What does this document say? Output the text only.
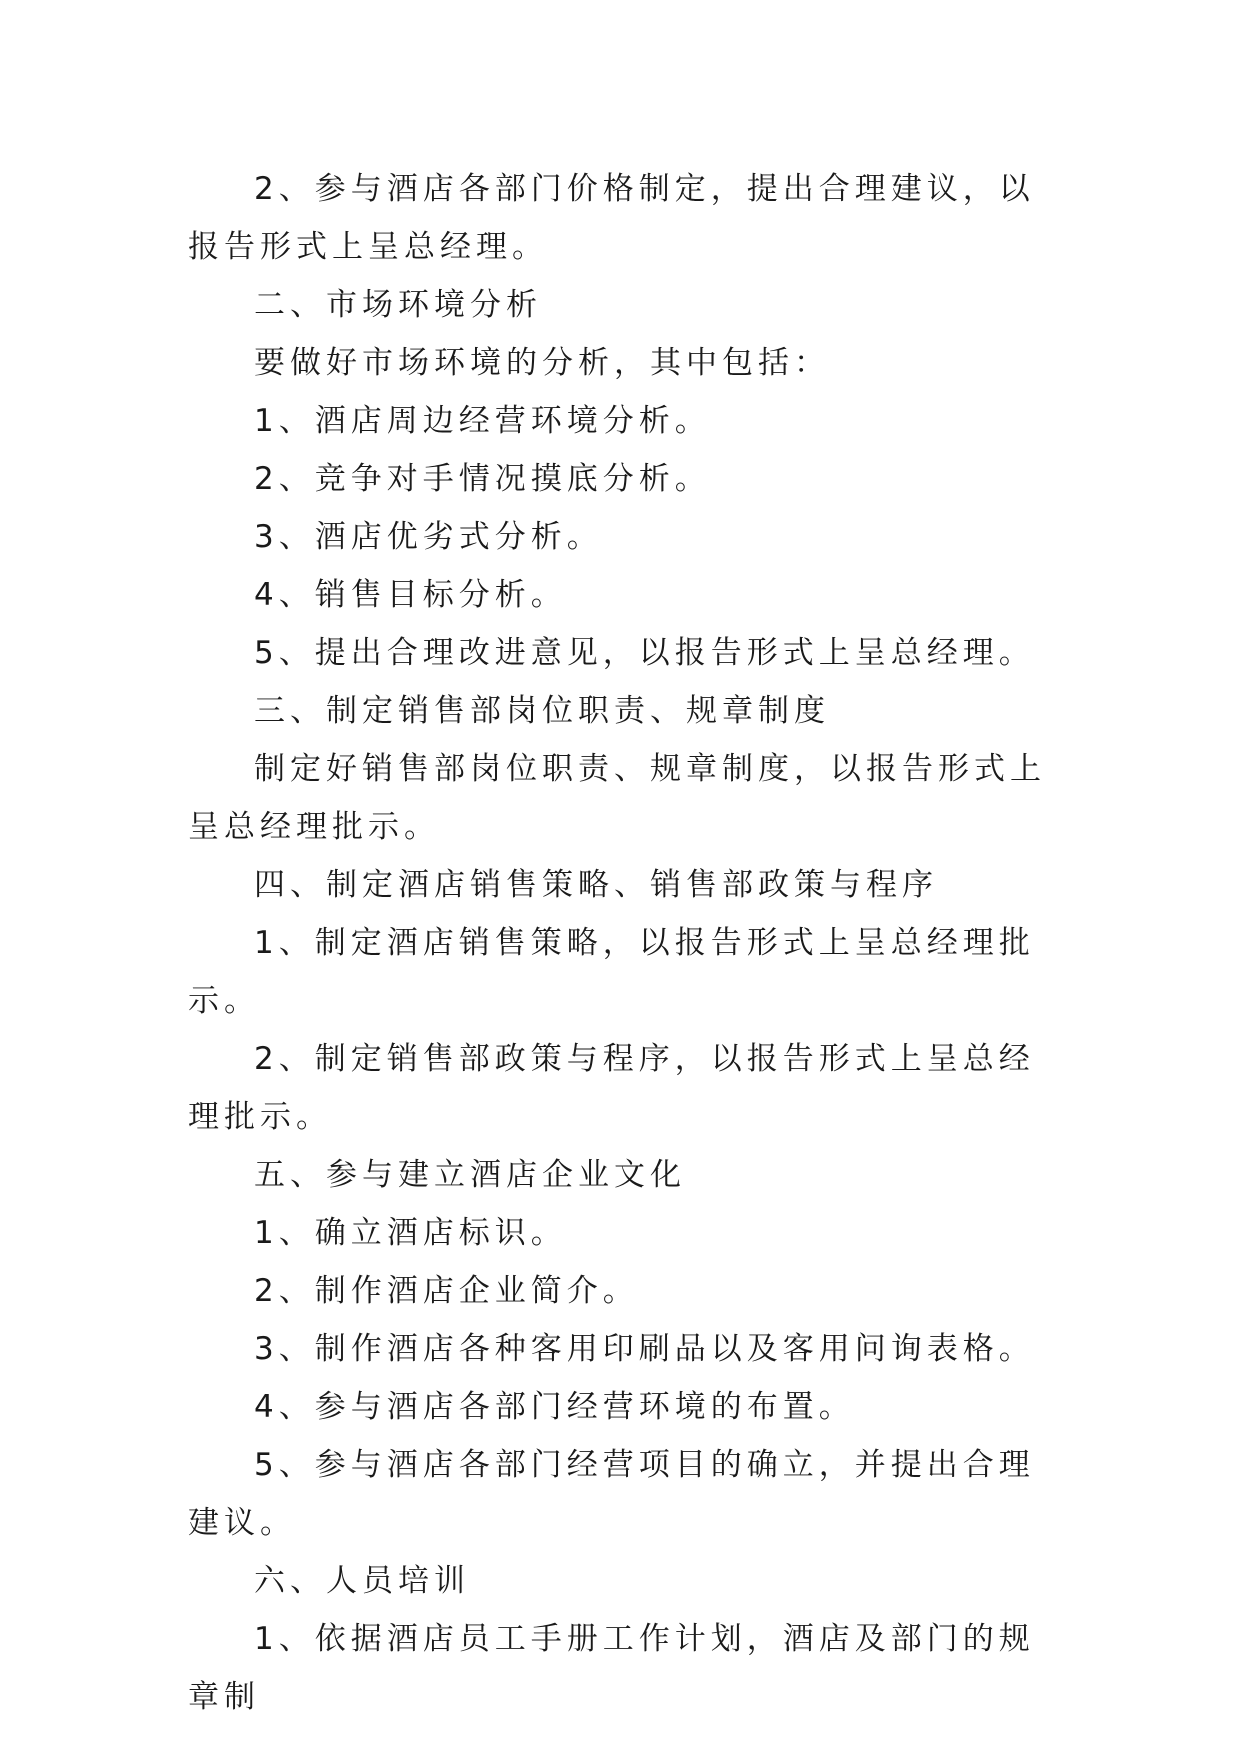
2、参与酒店各部门价格制定，提出合理建议，以报告形式上呈总经理。

二、市场环境分析

要做好市场环境的分析，其中包括：

1、酒店周边经营环境分析。

2、竞争对手情况摸底分析。

3、酒店优劣式分析。

4、销售目标分析。

5、提出合理改进意见，以报告形式上呈总经理。

三、制定销售部岗位职责、规章制度

制定好销售部岗位职责、规章制度，以报告形式上呈总经理批示。

四、制定酒店销售策略、销售部政策与程序

1、制定酒店销售策略，以报告形式上呈总经理批示。

2、制定销售部政策与程序，以报告形式上呈总经理批示。

五、参与建立酒店企业文化

1、确立酒店标识。

2、制作酒店企业简介。

3、制作酒店各种客用印刷品以及客用问询表格。

4、参与酒店各部门经营环境的布置。

5、参与酒店各部门经营项目的确立，并提出合理建议。

六、人员培训

1、依据酒店员工手册工作计划，酒店及部门的规章制
